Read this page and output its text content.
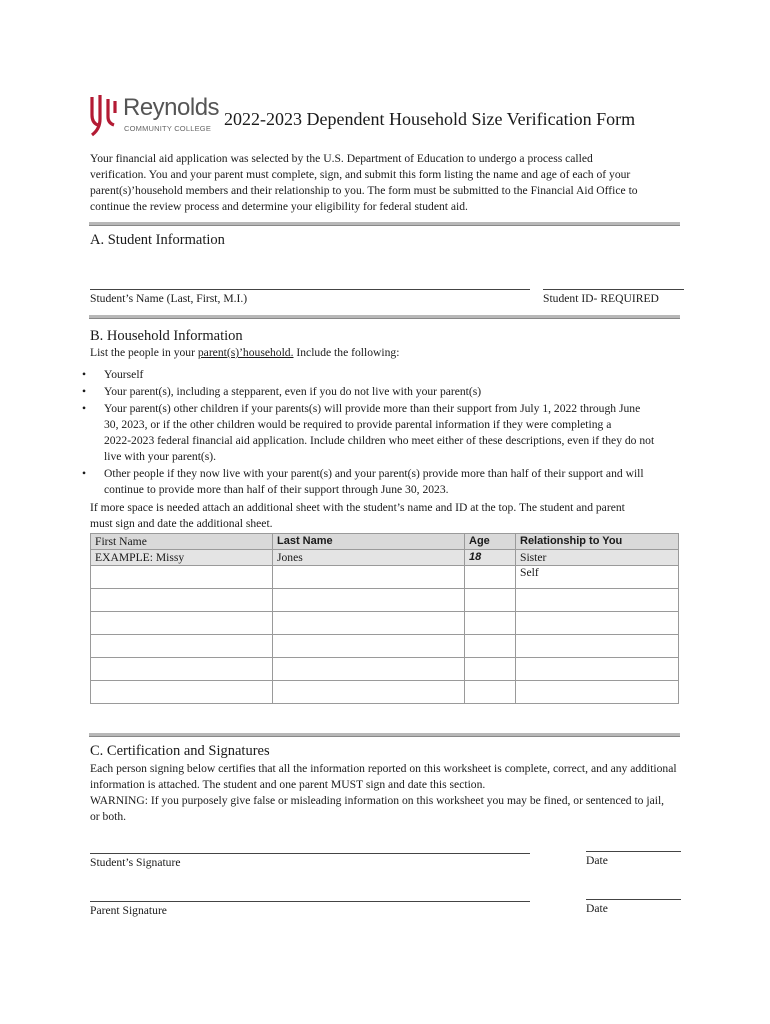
Reynolds
COMMUNITY COLLEGE 2022-2023 Dependent Household Size Verification Form
Your financial aid application was selected by the U.S. Department of Education to undergo a process called
verification. You and your parent must complete, sign, and submit this form listing the name and age of each of your
parent(s)’household members and their relationship to you. The form must be submitted to the Financial Aid Office to
continue the review process and determine your eligibility for federal student aid.
A. Student Information
Student’s Name (Last, First, M.I.)	Student ID- REQUIRED
B. Household Information
List the people in your parent(s)’household. Include the following:
• Yourself
• Your parent(s), including a stepparent, even if you do not live with your parent(s)
• Your parent(s) other children if your parents(s) will provide more than their support from July 1, 2022 through June
30, 2023, or if the other children would be required to provide parental information if they were completing a
2022-2023 federal financial aid application. Include children who meet either of these descriptions, even if they do not
live with your parent(s).
• Other people if they now live with your parent(s) and your parent(s) provide more than half of their support and will
continue to provide more than half of their support through June 30, 2023.
If more space is needed attach an additional sheet with the student’s name and ID at the top. The student and parent
must sign and date the additional sheet.
First Name	Last Name	Age	Relationship to You
EXAMPLE: Missy	Jones	18	Sister
			Self

C. Certification and Signatures
Each person signing below certifies that all the information reported on this worksheet is complete, correct, and any additional
information is attached. The student and one parent MUST sign and date this section.
WARNING: If you purposely give false or misleading information on this worksheet you may be fined, or sentenced to jail,
or both.
Student’s Signature	Date
Parent Signature	Date
